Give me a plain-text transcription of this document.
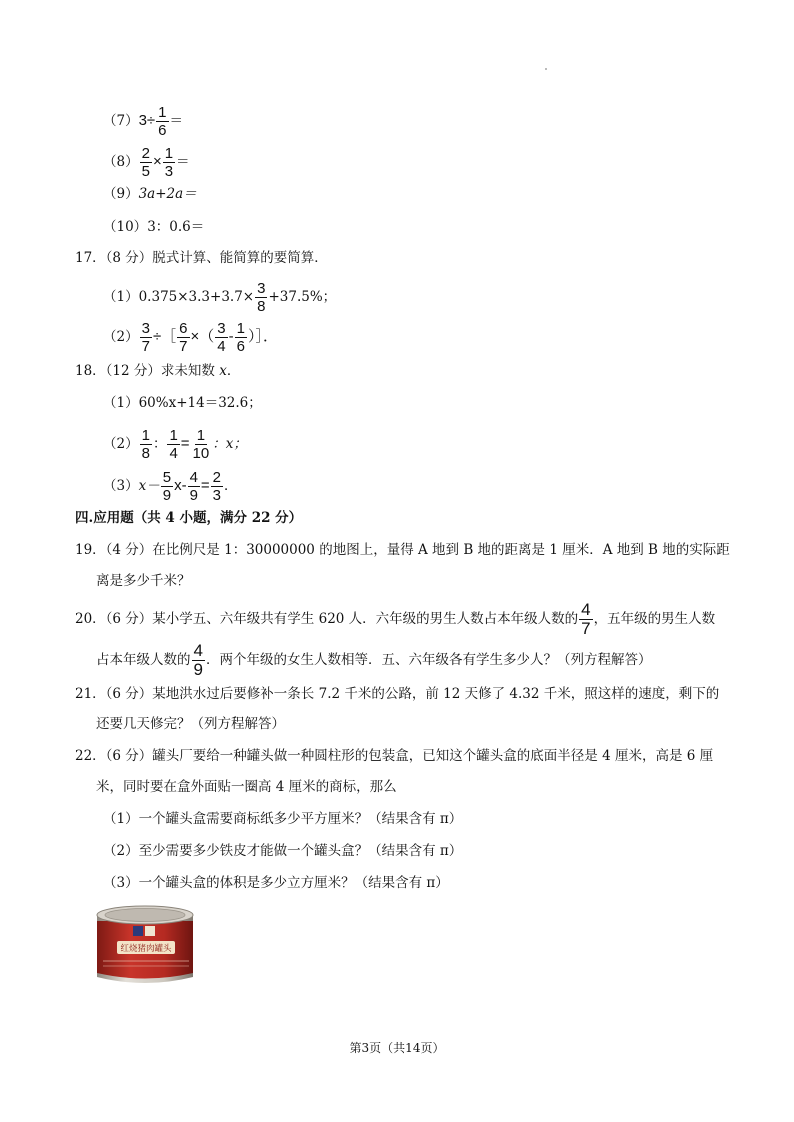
$(7)3\div \frac{1}{6}$ ＝
$(8) \frac{2}{5} \times \frac{1}{3}$ ＝
（9）3a+2a＝
（10）3：0.6＝
17．（8 分）脱式计算、能简算的要简算．
$(1)0.375\times 3.3+3.7\times \frac{3}{8} +37.5\%$；
$(2) \frac{3}{7}$ ÷［ $\frac{6}{7}$ ×（ $\frac{3}{4} - \frac{1}{6}$ ）］．
18．（12 分）求未知数 x．
（1）60%x+14＝32.6；
$(2) \frac{1}{8}$ ： $\frac{1}{4} = \frac{1}{10}$ ：x；
$(3)x- \frac{5}{9} x- \frac{4}{9} = \frac{2}{3}$ ．
四.应用题（共 4 小题，满分 22 分）
19．（4 分）在比例尺是 1：30000000 的地图上，量得 A 地到 B 地的距离是 1 厘米．A 地到 B 地的实际距
离是多少千米？
20．（6 分）某小学五、六年级共有学生 620 人．六年级的男生人数占本年级人数的 $\frac{4}{7}$ ，五年级的男生人数
占本年级人数的 $\frac{4}{9}$ ．两个年级的女生人数相等．五、六年级各有学生多少人？（列方程解答）
21．（6 分）某地洪水过后要修补一条长 7.2 千米的公路，前 12 天修了 4.32 千米，照这样的速度，剩下的
还要几天修完？（列方程解答）
22．（6 分）罐头厂要给一种罐头做一种圆柱形的包装盒，已知这个罐头盒的底面半径是 4 厘米，高是 6 厘
米，同时要在盒外面贴一圈高 4 厘米的商标，那么
（1）一个罐头盒需要商标纸多少平方厘米？（结果含有 π）
（2）至少需要多少铁皮才能做一个罐头盒？（结果含有 π）
（3）一个罐头盒的体积是多少立方厘米？（结果含有 π）
红烧猪肉罐头
第3页（共14页）
